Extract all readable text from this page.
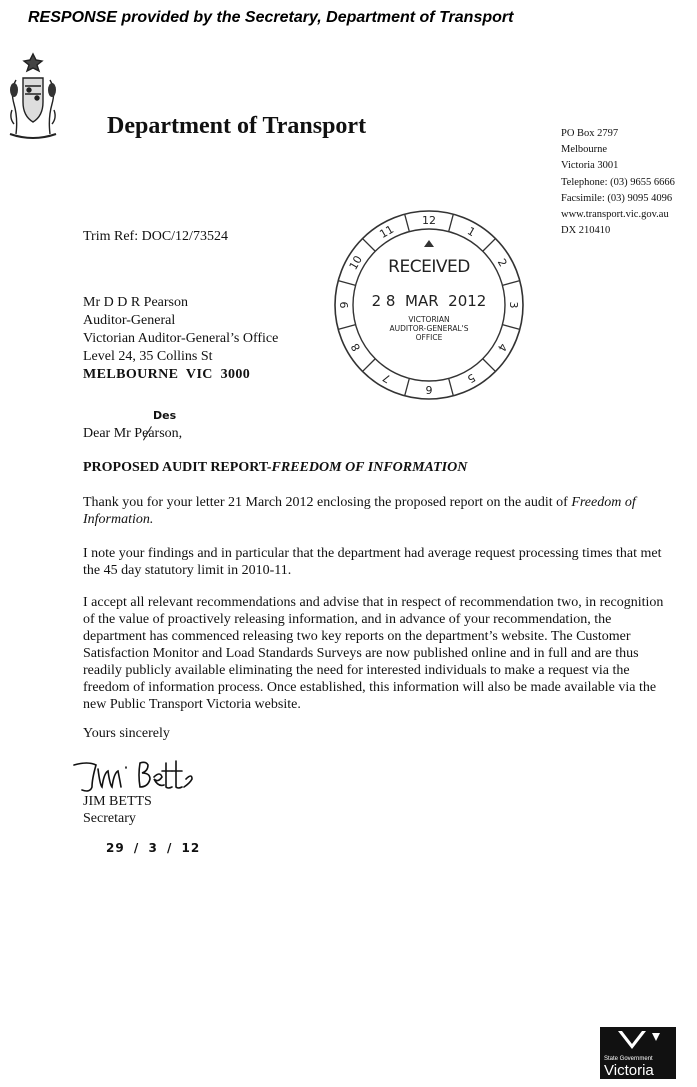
RESPONSE provided by the Secretary, Department of Transport
Department of Transport	PO Box 2797
Melbourne
Victoria 3001
Telephone: (03) 9655 6666
Facsimile: (03) 9095 4096
www.transport.vic.gov.au
DX 210410
Trim Ref: DOC/12/73524
Mr D D R Pearson
Auditor-General
Victorian Auditor-General’s Office
Level 24, 35 Collins St
MELBOURNE  VIC  3000
1
2
3
4
5
6
7
8
9
10
11
12
RECEIVED
2 8  MAR  2012
VICTORIAN
AUDITOR-GENERAL'S
OFFICE
Dear Mr Pearson,
Des
PROPOSED AUDIT REPORT-FREEDOM OF INFORMATION
Thank you for your letter 21 March 2012 enclosing the proposed report on the audit of Freedom of Information.
I note your findings and in particular that the department had average request processing times that met the 45 day statutory limit in 2010-11.
I accept all relevant recommendations and advise that in respect of recommendation two, in recognition of the value of proactively releasing information, and in advance of your recommendation, the department has commenced releasing two key reports on the department’s website. The Customer Satisfaction Monitor and Load Standards Surveys are now published online and in full and are thus readily publicly available eliminating the need for interested individuals to make a request via the freedom of information process. Once established, this information will also be made available via the new Public Transport Victoria website.
Yours sincerely
JIM BETTS
Secretary
29 / 3 / 12
State Government
Victoria
